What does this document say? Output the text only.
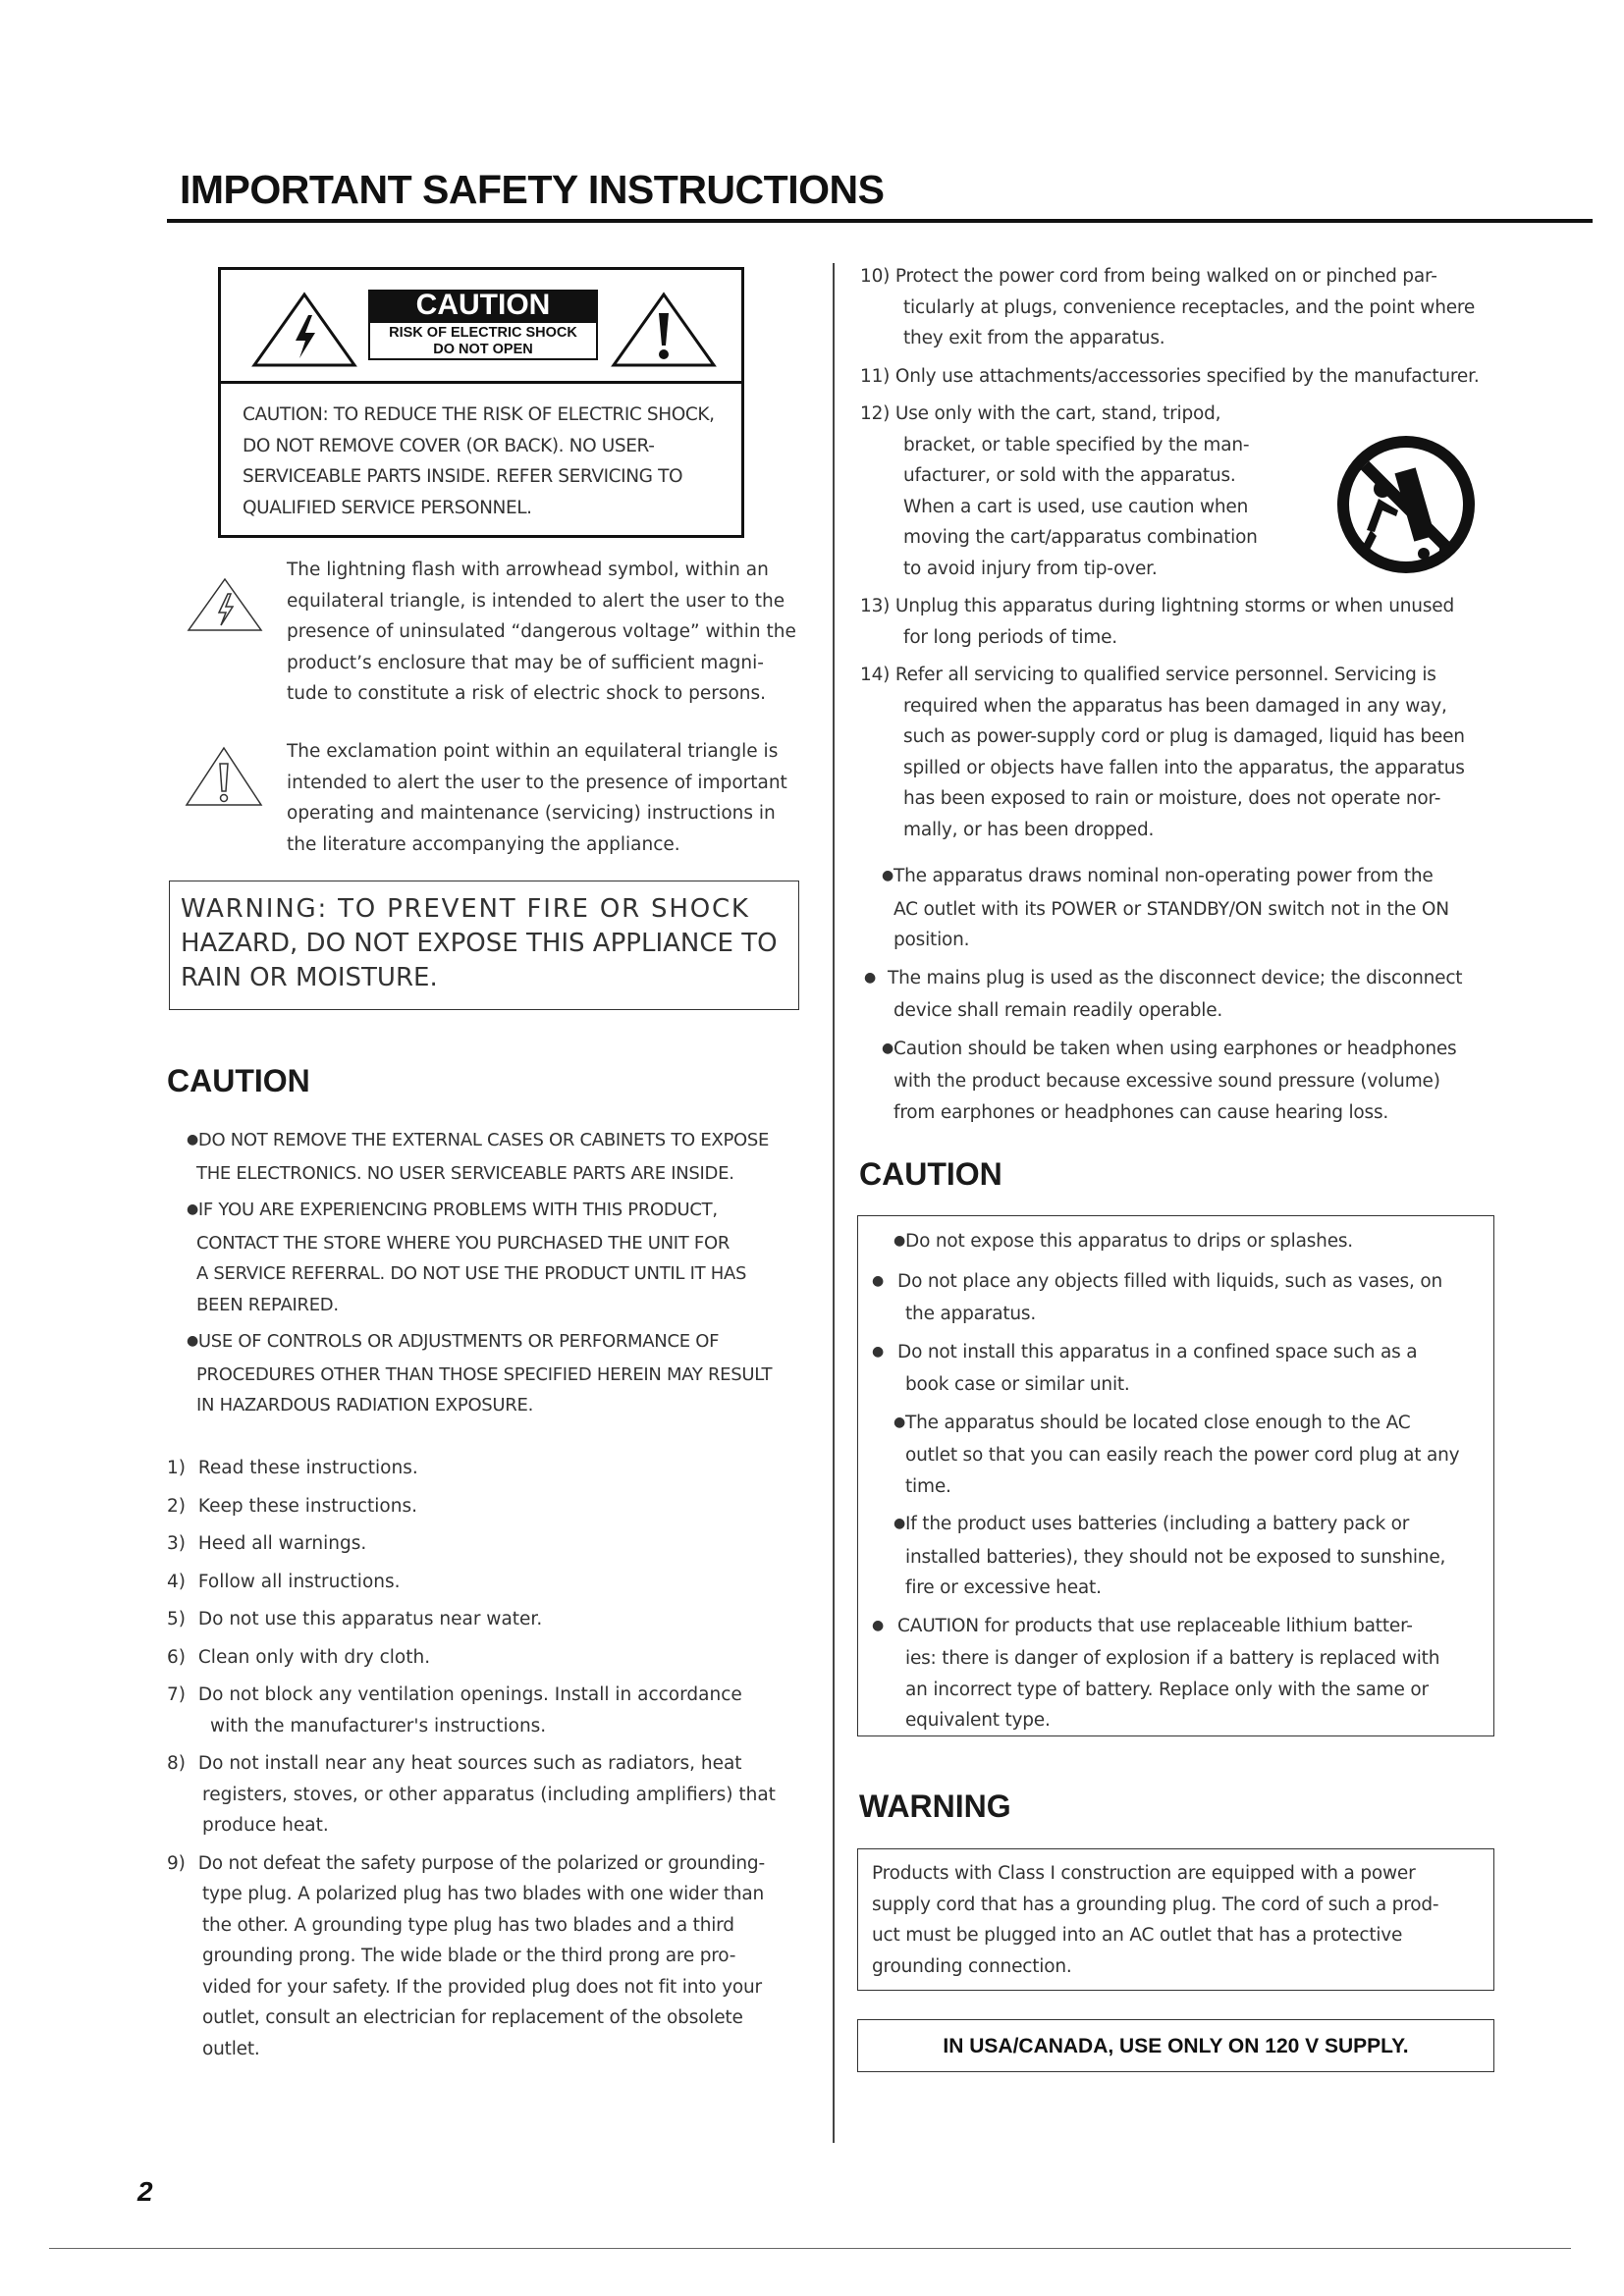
IMPORTANT SAFETY INSTRUCTIONS
CAUTION
RISK OF ELECTRIC SHOCK
DO NOT OPEN
CAUTION: TO REDUCE THE RISK OF ELECTRIC SHOCK,
DO NOT REMOVE COVER (OR BACK). NO USER-
SERVICEABLE PARTS INSIDE. REFER SERVICING TO
QUALIFIED SERVICE PERSONNEL.
The lightning flash with arrowhead symbol, within an
equilateral triangle, is intended to alert the user to the
presence of uninsulated “dangerous voltage” within the
product’s enclosure that may be of sufficient magni-
tude to constitute a risk of electric shock to persons.
The exclamation point within an equilateral triangle is
intended to alert the user to the presence of important
operating and maintenance (servicing) instructions in
the literature accompanying the appliance.
WARNING: TO PREVENT FIRE OR SHOCK
HAZARD, DO NOT EXPOSE THIS APPLIANCE TO
RAIN OR MOISTURE.
CAUTION
● DO NOT REMOVE THE EXTERNAL CASES OR CABINETS TO EXPOSE
THE ELECTRONICS. NO USER SERVICEABLE PARTS ARE INSIDE.
● IF YOU ARE EXPERIENCING PROBLEMS WITH THIS PRODUCT,
CONTACT THE STORE WHERE YOU PURCHASED THE UNIT FOR
A SERVICE REFERRAL. DO NOT USE THE PRODUCT UNTIL IT HAS
BEEN REPAIRED.
● USE OF CONTROLS OR ADJUSTMENTS OR PERFORMANCE OF
PROCEDURES OTHER THAN THOSE SPECIFIED HEREIN MAY RESULT
IN HAZARDOUS RADIATION EXPOSURE.
1) Read these instructions.
2) Keep these instructions.
3) Heed all warnings.
4) Follow all instructions.
5) Do not use this apparatus near water.
6) Clean only with dry cloth.
7) Do not block any ventilation openings. Install in accordance
with the manufacturer's instructions.
8) Do not install near any heat sources such as radiators, heat
registers, stoves, or other apparatus (including amplifiers) that
produce heat.
9) Do not defeat the safety purpose of the polarized or grounding-
type plug. A polarized plug has two blades with one wider than
the other. A grounding type plug has two blades and a third
grounding prong. The wide blade or the third prong are pro-
vided for your safety. If the provided plug does not fit into your
outlet, consult an electrician for replacement of the obsolete
outlet.
10) Protect the power cord from being walked on or pinched par-
ticularly at plugs, convenience receptacles, and the point where
they exit from the apparatus.
11) Only use attachments/accessories specified by the manufacturer.
12) Use only with the cart, stand, tripod,
bracket, or table specified by the man-
ufacturer, or sold with the apparatus.
When a cart is used, use caution when
moving the cart/apparatus combination
to avoid injury from tip-over.
13) Unplug this apparatus during lightning storms or when unused
for long periods of time.
14) Refer all servicing to qualified service personnel. Servicing is
required when the apparatus has been damaged in any way,
such as power-supply cord or plug is damaged, liquid has been
spilled or objects have fallen into the apparatus, the apparatus
has been exposed to rain or moisture, does not operate nor-
mally, or has been dropped.
● The apparatus draws nominal non-operating power from the
AC outlet with its POWER or STANDBY/ON switch not in the ON
position.
● The mains plug is used as the disconnect device; the disconnect
device shall remain readily operable.
● Caution should be taken when using earphones or headphones
with the product because excessive sound pressure (volume)
from earphones or headphones can cause hearing loss.
CAUTION
● Do not expose this apparatus to drips or splashes.
● Do not place any objects filled with liquids, such as vases, on
the apparatus.
● Do not install this apparatus in a confined space such as a
book case or similar unit.
● The apparatus should be located close enough to the AC
outlet so that you can easily reach the power cord plug at any
time.
● If the product uses batteries (including a battery pack or
installed batteries), they should not be exposed to sunshine,
fire or excessive heat.
● CAUTION for products that use replaceable lithium batter-
ies: there is danger of explosion if a battery is replaced with
an incorrect type of battery. Replace only with the same or
equivalent type.
WARNING
Products with Class I construction are equipped with a power
supply cord that has a grounding plug. The cord of such a prod-
uct must be plugged into an AC outlet that has a protective
grounding connection.
IN USA/CANADA, USE ONLY ON 120 V SUPPLY.
2
